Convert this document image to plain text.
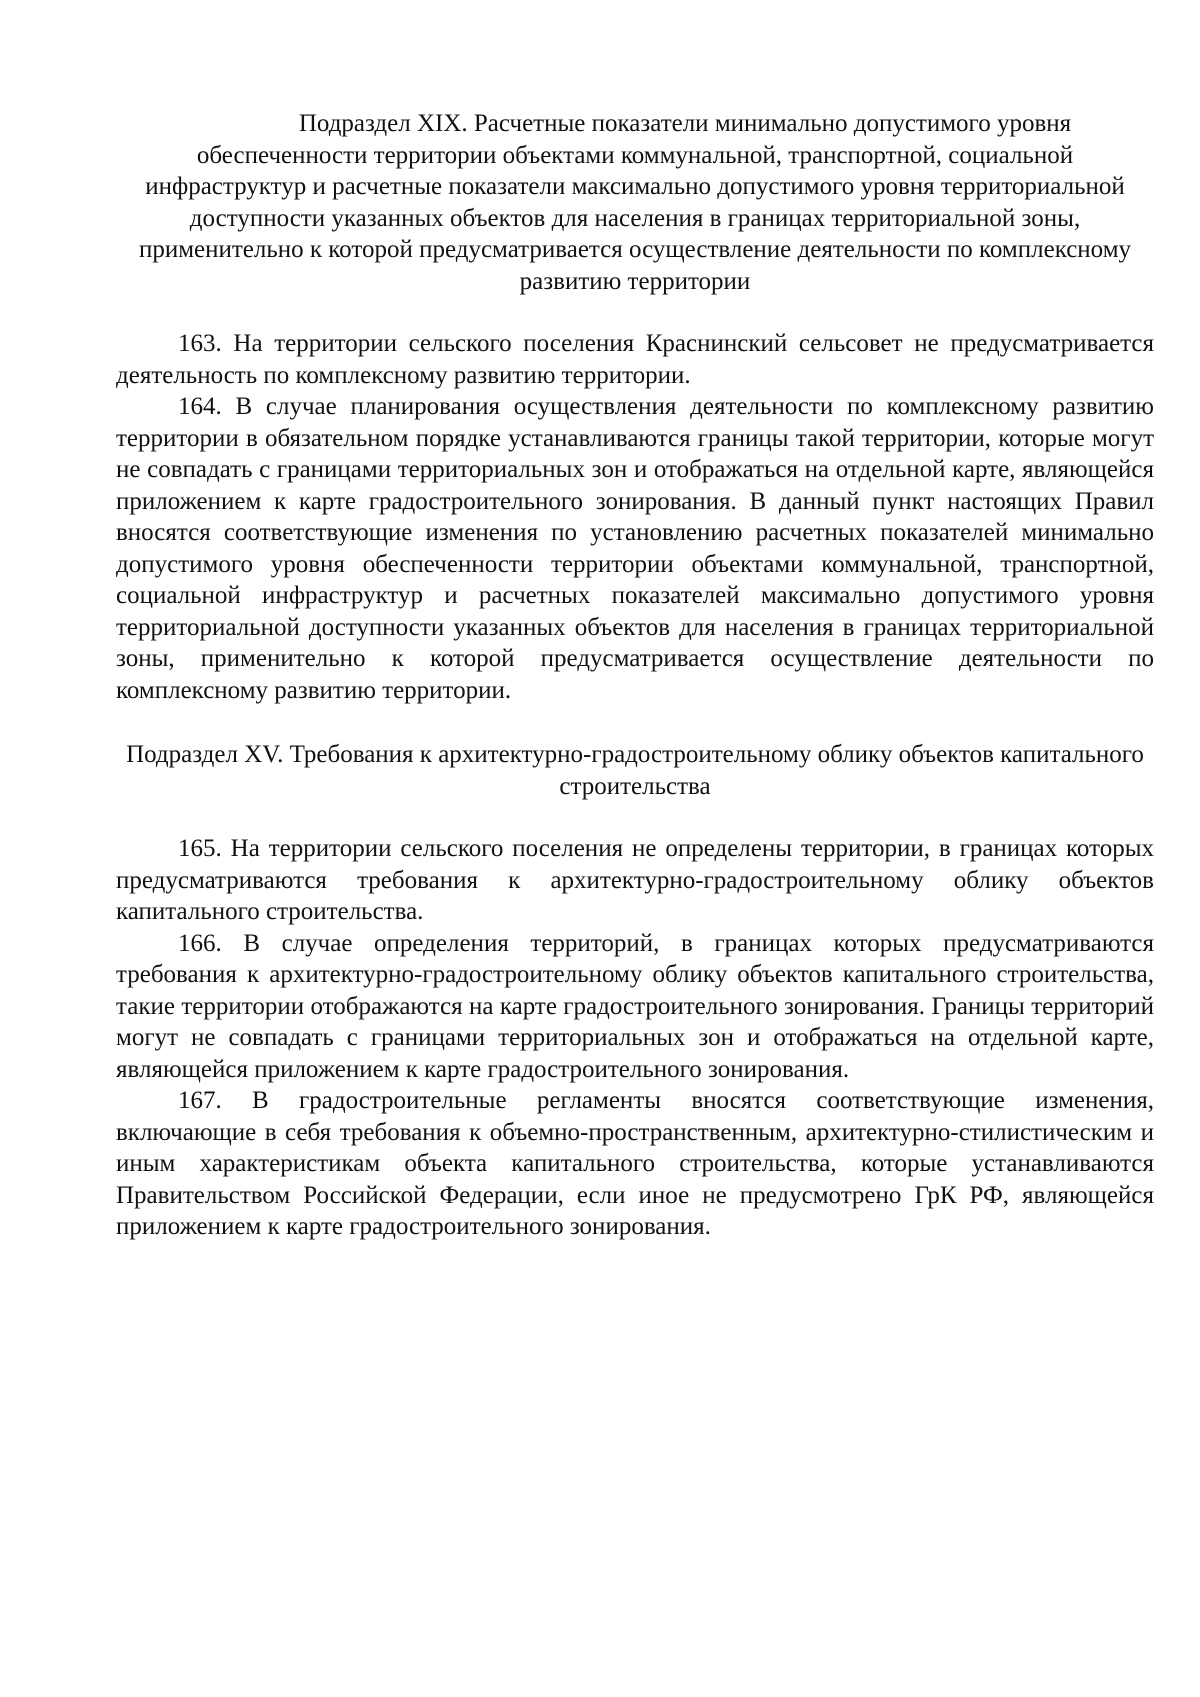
Подраздел XIX. Расчетные показатели минимально допустимого уровня обеспеченности территории объектами коммунальной, транспортной, социальной инфраструктур и расчетные показатели максимально допустимого уровня территориальной доступности указанных объектов для населения в границах территориальной зоны, применительно к которой предусматривается осуществление деятельности по комплексному развитию территории

163. На территории сельского поселения Краснинский сельсовет не предусматривается деятельность по комплексному развитию территории.

164. В случае планирования осуществления деятельности по комплексному развитию территории в обязательном порядке устанавливаются границы такой территории, которые могут не совпадать с границами территориальных зон и отображаться на отдельной карте, являющейся приложением к карте градостроительного зонирования. В данный пункт настоящих Правил вносятся соответствующие изменения по установлению расчетных показателей минимально допустимого уровня обеспеченности территории объектами коммунальной, транспортной, социальной инфраструктур и расчетных показателей максимально допустимого уровня территориальной доступности указанных объектов для населения в границах территориальной зоны, применительно к которой предусматривается осуществление деятельности по комплексному развитию территории.

Подраздел XV. Требования к архитектурно-градостроительному облику объектов капитального строительства

165. На территории сельского поселения не определены территории, в границах которых предусматриваются требования к архитектурно-градостроительному облику объектов капитального строительства.

166. В случае определения территорий, в границах которых предусматриваются требования к архитектурно-градостроительному облику объектов капитального строительства, такие территории отображаются на карте градостроительного зонирования. Границы территорий могут не совпадать с границами территориальных зон и отображаться на отдельной карте, являющейся приложением к карте градостроительного зонирования.

167. В градостроительные регламенты вносятся соответствующие изменения, включающие в себя требования к объемно-пространственным, архитектурно-стилистическим и иным характеристикам объекта капитального строительства, которые устанавливаются Правительством Российской Федерации, если иное не предусмотрено ГрК РФ, являющейся приложением к карте градостроительного зонирования.
